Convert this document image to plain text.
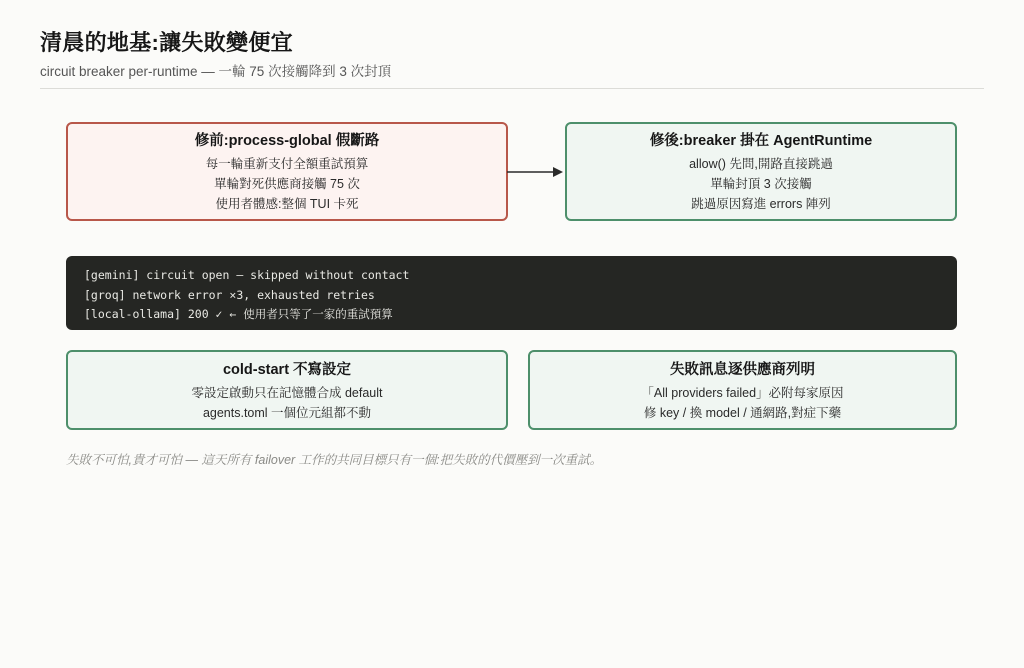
清晨的地基:讓失敗變便宜
circuit breaker per-runtime — 一輪 75 次接觸降到 3 次封頂
修前:process-global 假斷路
每一輪重新支付全額重試預算
單輪對死供應商接觸 75 次
使用者體感:整個 TUI 卡死
修後:breaker 掛在 AgentRuntime
allow() 先問,開路直接跳過
單輪封頂 3 次接觸
跳過原因寫進 errors 陣列
[gemini] circuit open — skipped without contact
[groq] network error ×3, exhausted retries
[local-ollama] 200 ✓ ← 使用者只等了一家的重試預算
cold-start 不寫設定
零設定啟動只在記憶體合成 default
agents.toml 一個位元組都不動
失敗訊息逐供應商列明
「All providers failed」必附每家原因
修 key / 換 model / 通網路,對症下藥
失敗不可怕,貴才可怕 — 這天所有 failover 工作的共同目標只有一個:把失敗的代價壓到一次重試。
